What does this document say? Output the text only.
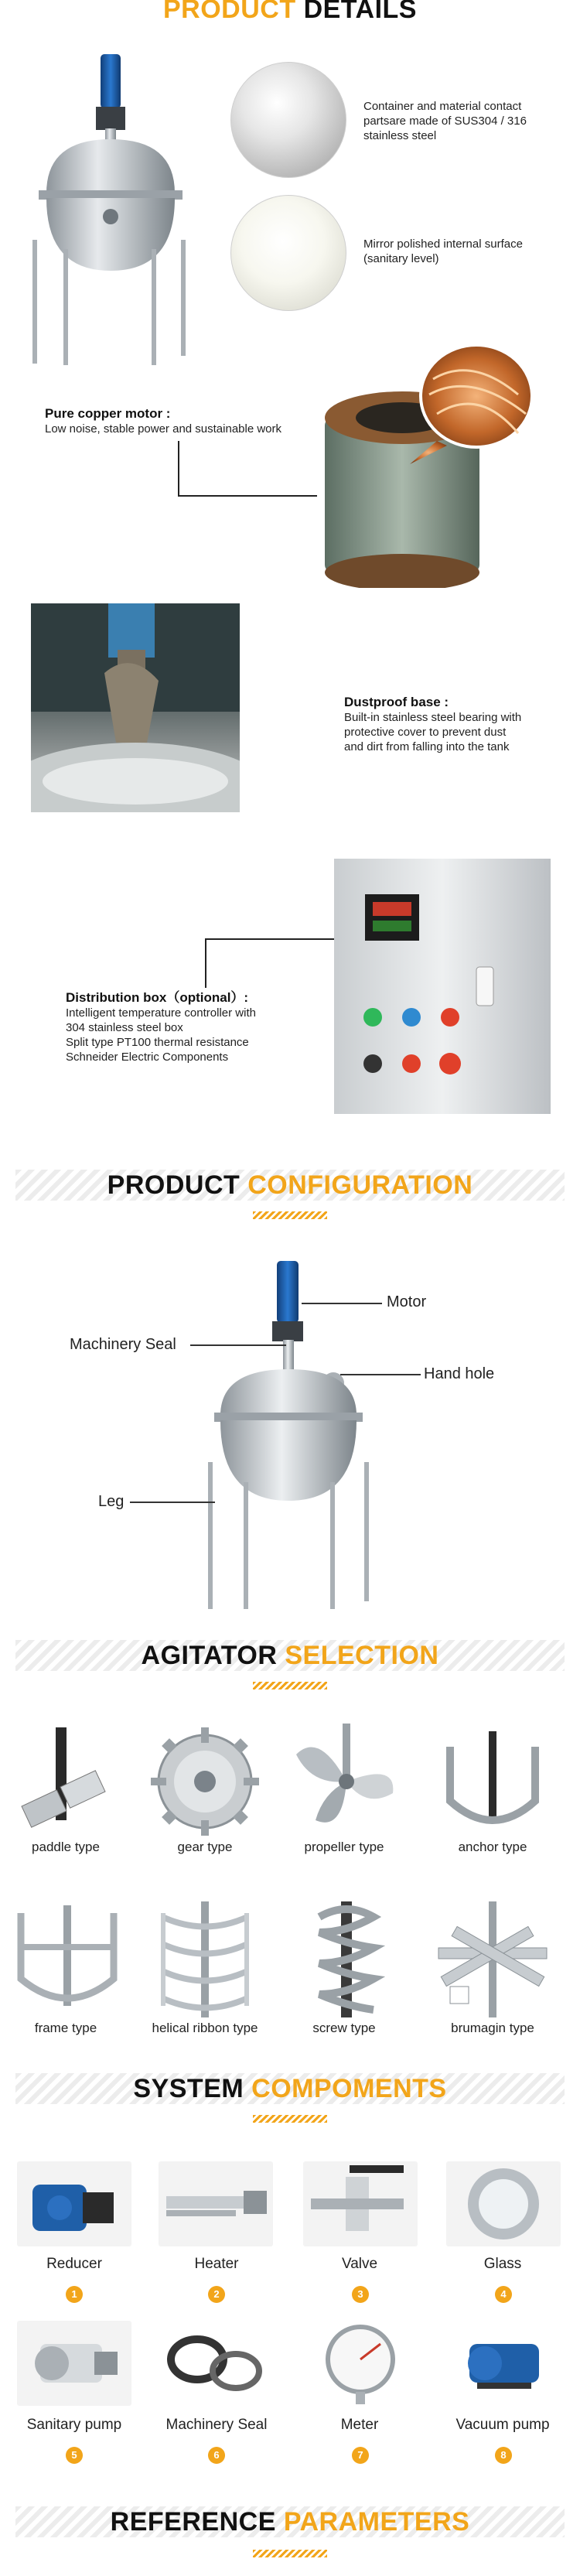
PRODUCT DETAILS
Container and material contact
partsare made of SUS304 / 316
stainless steel
Mirror polished internal surface
(sanitary level)
Pure copper motor :
Low noise, stable power and sustainable work
Dustproof base :
Built-in stainless steel bearing with
protective cover to prevent dust
and dirt from falling into the tank
Distribution box（optional）:
Intelligent temperature controller with
304 stainless steel box
Split type PT100 thermal resistance
Schneider Electric Components
PRODUCT CONFIGURATION
Motor
Machinery Seal
Hand hole
Leg
AGITATOR SELECTION
paddle type	gear type	propeller type	anchor type
frame type	helical ribbon type	screw type	brumagin type
SYSTEM COMPOMENTS
Reducer
1
Heater
2
Valve
3
Glass
4
Sanitary pump
5
Machinery Seal
6
Meter
7
Vacuum pump
8
REFERENCE PARAMETERS
